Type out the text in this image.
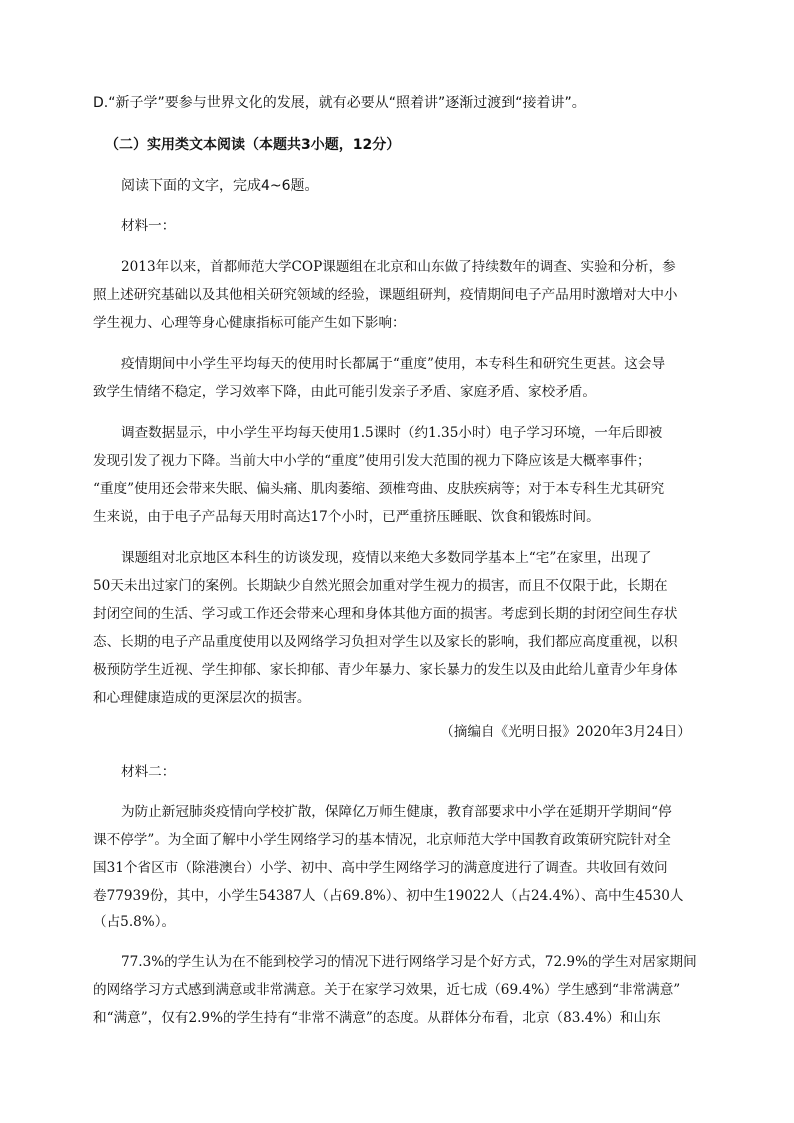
D.“新子学”要参与世界文化的发展，就有必要从“照着讲”逐渐过渡到“接着讲”。
（二）实用类文本阅读（本题共3小题，12分）
阅读下面的文字，完成4~6题。
材料一：
2013年以来，首都师范大学COP课题组在北京和山东做了持续数年的调查、实验和分析，参
照上述研究基础以及其他相关研究领域的经验，课题组研判，疫情期间电子产品用时激增对大中小
学生视力、心理等身心健康指标可能产生如下影响：
疫情期间中小学生平均每天的使用时长都属于“重度”使用，本专科生和研究生更甚。这会导
致学生情绪不稳定，学习效率下降，由此可能引发亲子矛盾、家庭矛盾、家校矛盾。
调查数据显示，中小学生平均每天使用1.5课时（约1.35小时）电子学习环境，一年后即被
发现引发了视力下降。当前大中小学的“重度”使用引发大范围的视力下降应该是大概率事件；
“重度”使用还会带来失眠、偏头痛、肌肉萎缩、颈椎弯曲、皮肤疾病等；对于本专科生尤其研究
生来说，由于电子产品每天用时高达17个小时，已严重挤压睡眠、饮食和锻炼时间。
课题组对北京地区本科生的访谈发现，疫情以来绝大多数同学基本上“宅”在家里，出现了
50天未出过家门的案例。长期缺少自然光照会加重对学生视力的损害，而且不仅限于此，长期在
封闭空间的生活、学习或工作还会带来心理和身体其他方面的损害。考虑到长期的封闭空间生存状
态、长期的电子产品重度使用以及网络学习负担对学生以及家长的影响，我们都应高度重视，以积
极预防学生近视、学生抑郁、家长抑郁、青少年暴力、家长暴力的发生以及由此给儿童青少年身体
和心理健康造成的更深层次的损害。
（摘编自《光明日报》2020年3月24日）
材料二：
为防止新冠肺炎疫情向学校扩散，保障亿万师生健康，教育部要求中小学在延期开学期间“停
课不停学”。为全面了解中小学生网络学习的基本情况，北京师范大学中国教育政策研究院针对全
国31个省区市（除港澳台）小学、初中、高中学生网络学习的满意度进行了调查。共收回有效问
卷77939份，其中，小学生54387人（占69.8%）、初中生19022人（占24.4%）、高中生4530人
（占5.8%）。
77.3%的学生认为在不能到校学习的情况下进行网络学习是个好方式，72.9%的学生对居家期间
的网络学习方式感到满意或非常满意。关于在家学习效果，近七成（69.4%）学生感到“非常满意”
和“满意”，仅有2.9%的学生持有“非常不满意”的态度。从群体分布看，北京（83.4%）和山东
